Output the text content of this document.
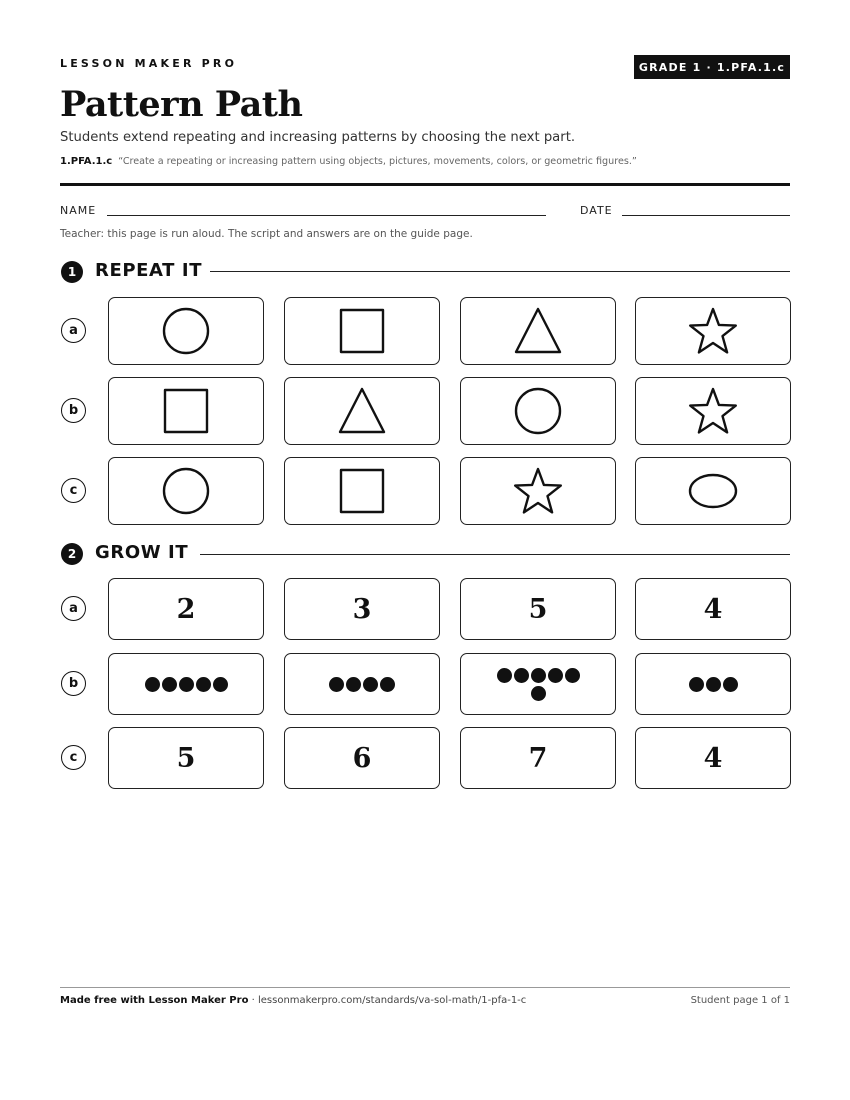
LESSON MAKER PRO	GRADE 1 · 1.PFA.1.c
Pattern Path
Students extend repeating and increasing patterns by choosing the next part.
1.PFA.1.c “Create a repeating or increasing pattern using objects, pictures, movements, colors, or geometric figures.”
NAME	DATE
Teacher: this page is run aloud. The script and answers are on the guide page.
1	REPEAT IT
2	GROW IT
a
b
c
a	2	3	5	4
b
c	5	6	7	4
Made free with Lesson Maker Pro · lessonmakerpro.com/standards/va-sol-math/1-pfa-1-c	Student page 1 of 1
